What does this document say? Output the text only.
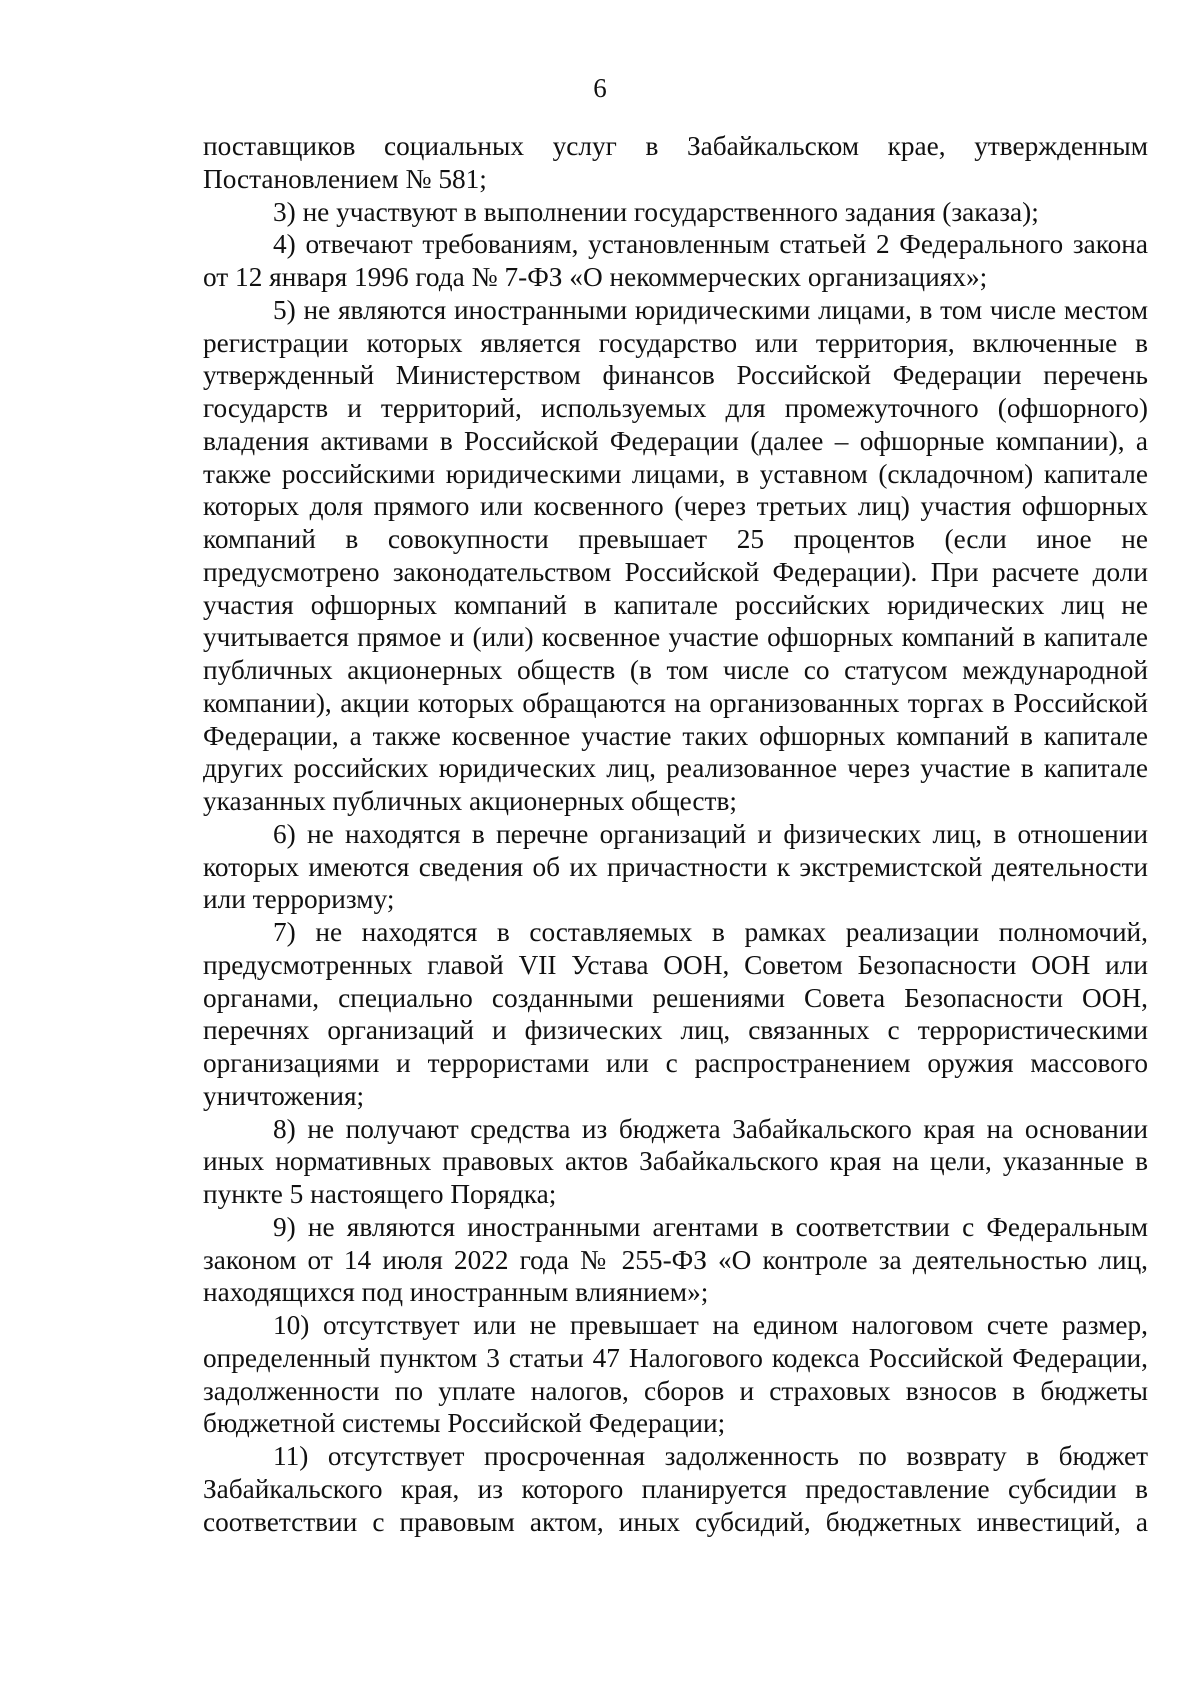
6

поставщиков социальных услуг в Забайкальском крае, утвержденным Постановлением № 581;

3) не участвуют в выполнении государственного задания (заказа);

4) отвечают требованиям, установленным статьей 2 Федерального закона от 12 января 1996 года № 7-ФЗ «О некоммерческих организациях»;

5) не являются иностранными юридическими лицами, в том числе местом регистрации которых является государство или территория, включенные в утвержденный Министерством финансов Российской Федерации перечень государств и территорий, используемых для промежуточного (офшорного) владения активами в Российской Федерации (далее – офшорные компании), а также российскими юридическими лицами, в уставном (складочном) капитале которых доля прямого или косвенного (через третьих лиц) участия офшорных компаний в совокупности превышает 25 процентов (если иное не предусмотрено законодательством Российской Федерации). При расчете доли участия офшорных компаний в капитале российских юридических лиц не учитывается прямое и (или) косвенное участие офшорных компаний в капитале публичных акционерных обществ (в том числе со статусом международной компании), акции которых обращаются на организованных торгах в Российской Федерации, а также косвенное участие таких офшорных компаний в капитале других российских юридических лиц, реализованное через участие в капитале указанных публичных акционерных обществ;

6) не находятся в перечне организаций и физических лиц, в отношении которых имеются сведения об их причастности к экстремистской деятельности или терроризму;

7) не находятся в составляемых в рамках реализации полномочий, предусмотренных главой VII Устава ООН, Советом Безопасности ООН или органами, специально созданными решениями Совета Безопасности ООН, перечнях организаций и физических лиц, связанных с террористическими организациями и террористами или с распространением оружия массового уничтожения;

8) не получают средства из бюджета Забайкальского края на основании иных нормативных правовых актов Забайкальского края на цели, указанные в пункте 5 настоящего Порядка;

9) не являются иностранными агентами в соответствии с Федеральным законом от 14 июля 2022 года № 255-ФЗ «О контроле за деятельностью лиц, находящихся под иностранным влиянием»;

10) отсутствует или не превышает на едином налоговом счете размер, определенный пунктом 3 статьи 47 Налогового кодекса Российской Федерации, задолженности по уплате налогов, сборов и страховых взносов в бюджеты бюджетной системы Российской Федерации;

11) отсутствует просроченная задолженность по возврату в бюджет Забайкальского края, из которого планируется предоставление субсидии в соответствии с правовым актом, иных субсидий, бюджетных инвестиций, а
